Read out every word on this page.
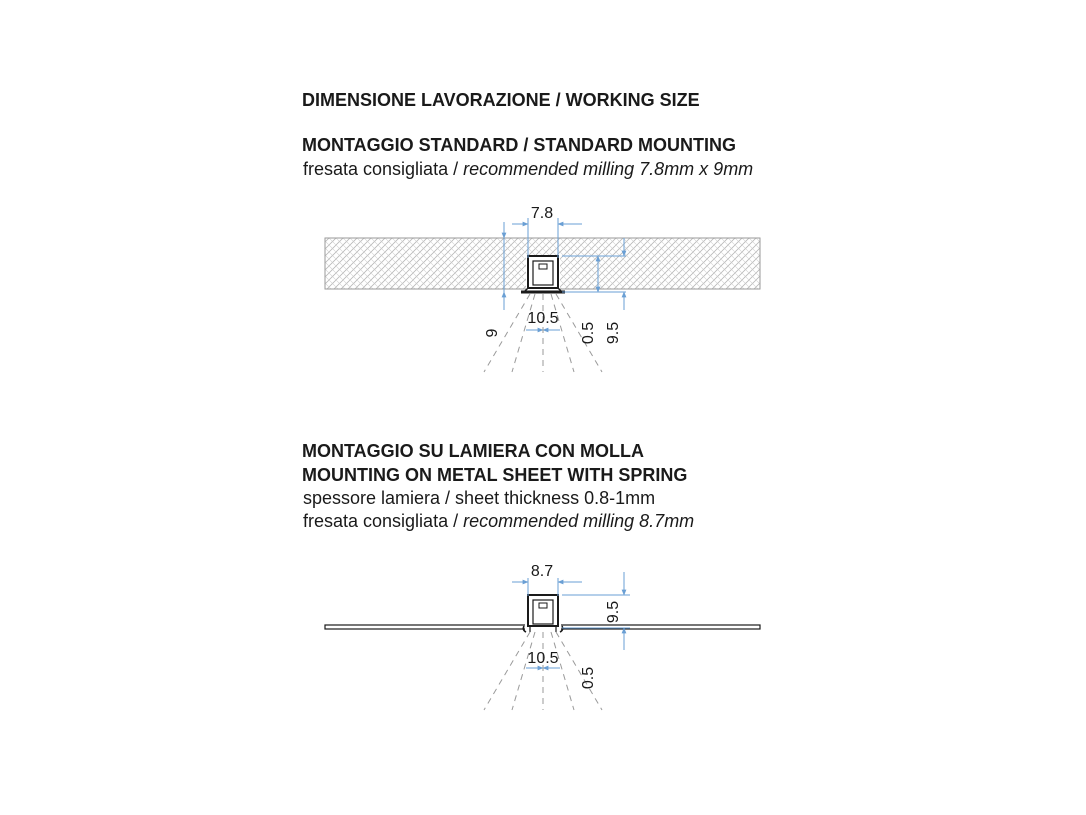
DIMENSIONE LAVORAZIONE / WORKING SIZE
MONTAGGIO STANDARD / STANDARD MOUNTING
fresata consigliata / recommended milling 7.8mm x 9mm
MONTAGGIO SU LAMIERA CON MOLLA
MOUNTING ON METAL SHEET WITH SPRING
spessore lamiera / sheet thickness 0.8-1mm
fresata consigliata / recommended milling 8.7mm
7.8
10.5
9	0.5 9.5
8.7
10.5
0.5
9.5
